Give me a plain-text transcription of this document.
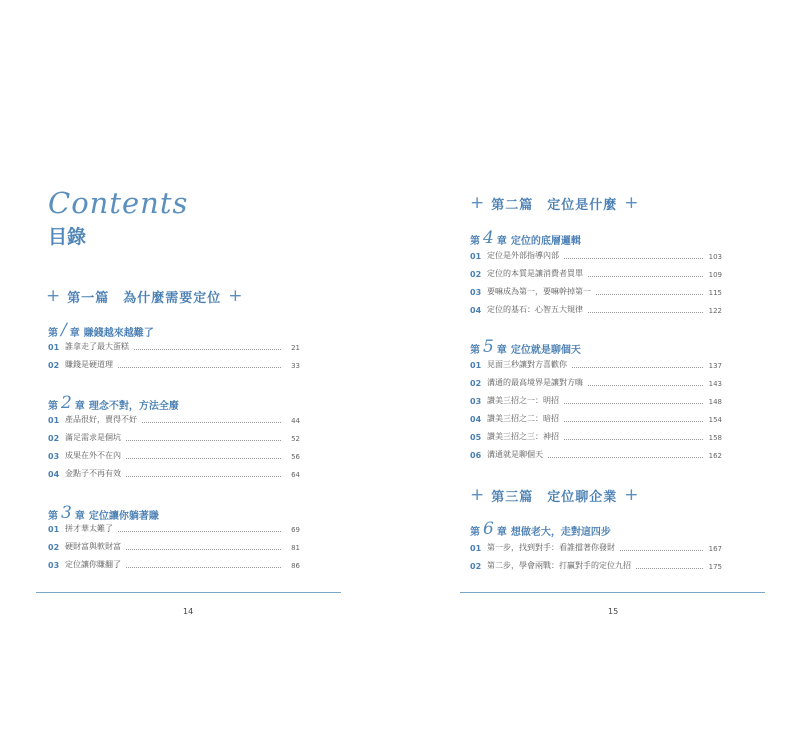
Contents
目錄
+ 第一篇　為什麼需要定位 +
第 / 章 賺錢越來越難了
01 誰拿走了最大蛋糕	21
02 賺錢是硬道理	33
第 2 章 理念不對，方法全廢
01 產品很好，賣得不好	44
02 滿足需求是個坑	52
03 成果在外不在內	56
04 金點子不再有效	64
第 3 章 定位讓你躺著賺
01 拼才華太難了	69
02 硬財富與軟財富	81
03 定位讓你賺翻了	86
14
+ 第二篇　定位是什麼 +
第 4 章 定位的底層邏輯
01 定位是外部指導內部	103
02 定位的本質是讓消費者買單	109
03 要嘛成為第一，要嘛幹掉第一	115
04 定位的基石：心智五大規律	122
第 5 章 定位就是聊個天
01 見面三秒讓對方喜歡你	137
02 溝通的最高境界是讓對方嗨	143
03 讚美三招之一：明招	148
04 讚美三招之二：暗招	154
05 讚美三招之三：神招	158
06 溝通就是聊個天	162
+ 第三篇　定位聊企業 +
第 6 章 想做老大，走對這四步
01 第一步，找到對手：看誰擋著你發財	167
02 第二步，學會兩戰：打贏對手的定位九招	175
15
